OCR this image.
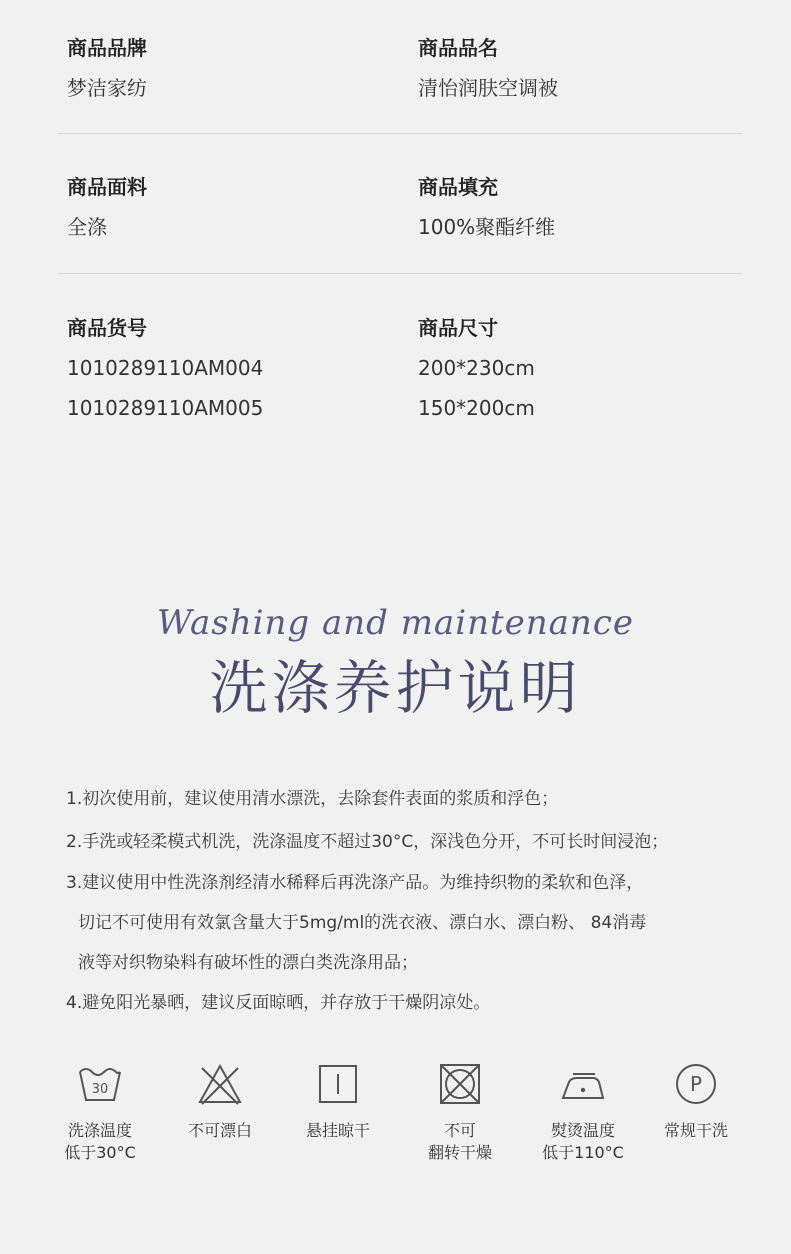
商品品牌
梦洁家纺
商品品名
清怡润肤空调被
商品面料
全涤
商品填充
100%聚酯纤维
商品货号
1010289110AM004
1010289110AM005
商品尺寸
200*230cm
150*200cm
Washing and maintenance
洗涤养护说明
1.初次使用前，建议使用清水漂洗，去除套件表面的浆质和浮色；
2.手洗或轻柔模式机洗，洗涤温度不超过30°C，深浅色分开，不可长时间浸泡；
3.建议使用中性洗涤剂经清水稀释后再洗涤产品。为维持织物的柔软和色泽，
切记不可使用有效氯含量大于5mg/ml的洗衣液、漂白水、漂白粉、 84消毒
液等对织物染料有破坏性的漂白类洗涤用品；
4.避免阳光暴晒，建议反面晾晒，并存放于干燥阴凉处。
30
洗涤温度
低于30°C
不可漂白	悬挂晾干	不可
翻转干燥
熨烫温度
低于110°C
P
常规干洗
